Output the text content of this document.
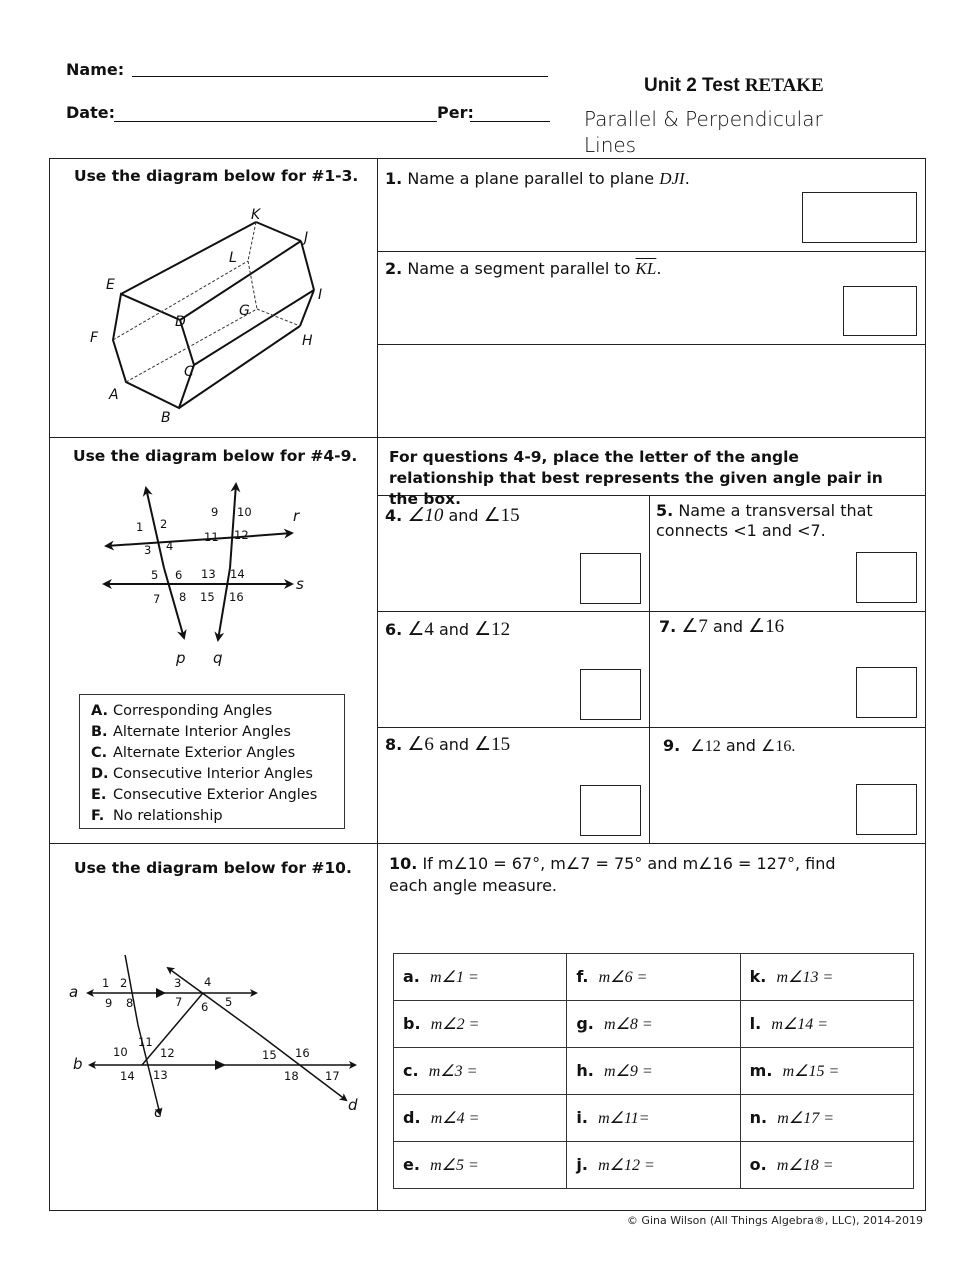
Name:
Date:	Per:
Unit 2 Test RETAKE
Parallel & Perpendicular
Lines
Use the diagram below for #1-3.
K
J
L
E
I
G
D
F	H
C
A
B
1. Name a plane parallel to plane DJI.
2. Name a segment parallel to $\overline{KL}$.
Use the diagram below for #4-9.
1 2
3 4
9 10
11 12
5 6 13 14
7 8 15 16
r
s
p q
A. Corresponding Angles
B. Alternate Interior Angles
C. Alternate Exterior Angles
D. Consecutive Interior Angles
E. Consecutive Exterior Angles
F. No relationship
For questions 4-9, place the letter of the angle relationship that best represents the given angle pair in the box.
4. ∠10 and ∠15	5. Name a transversal that connects <1 and <7.
6. ∠4 and ∠12	7. ∠7 and ∠16
8. ∠6 and ∠15	9. ∠12 and ∠16.
Use the diagram below for #10.
1 2
9 8
3 4
7 6 5
11
10	12
14 13
15 16
18 17
a
b
c	d
10. If m∠10 = 67°, m∠7 = 75° and m∠16 = 127°, find each angle measure.
a. m∠1 =	f. m∠6 =	k. m∠13 =
b. m∠2 =	g. m∠8 =	l. m∠14 =
c. m∠3 =	h. m∠9 =	m. m∠15 =
d. m∠4 =	i. m∠11=	n. m∠17 =
e. m∠5 =	j. m∠12 =	o. m∠18 =
© Gina Wilson (All Things Algebra®, LLC), 2014-2019
